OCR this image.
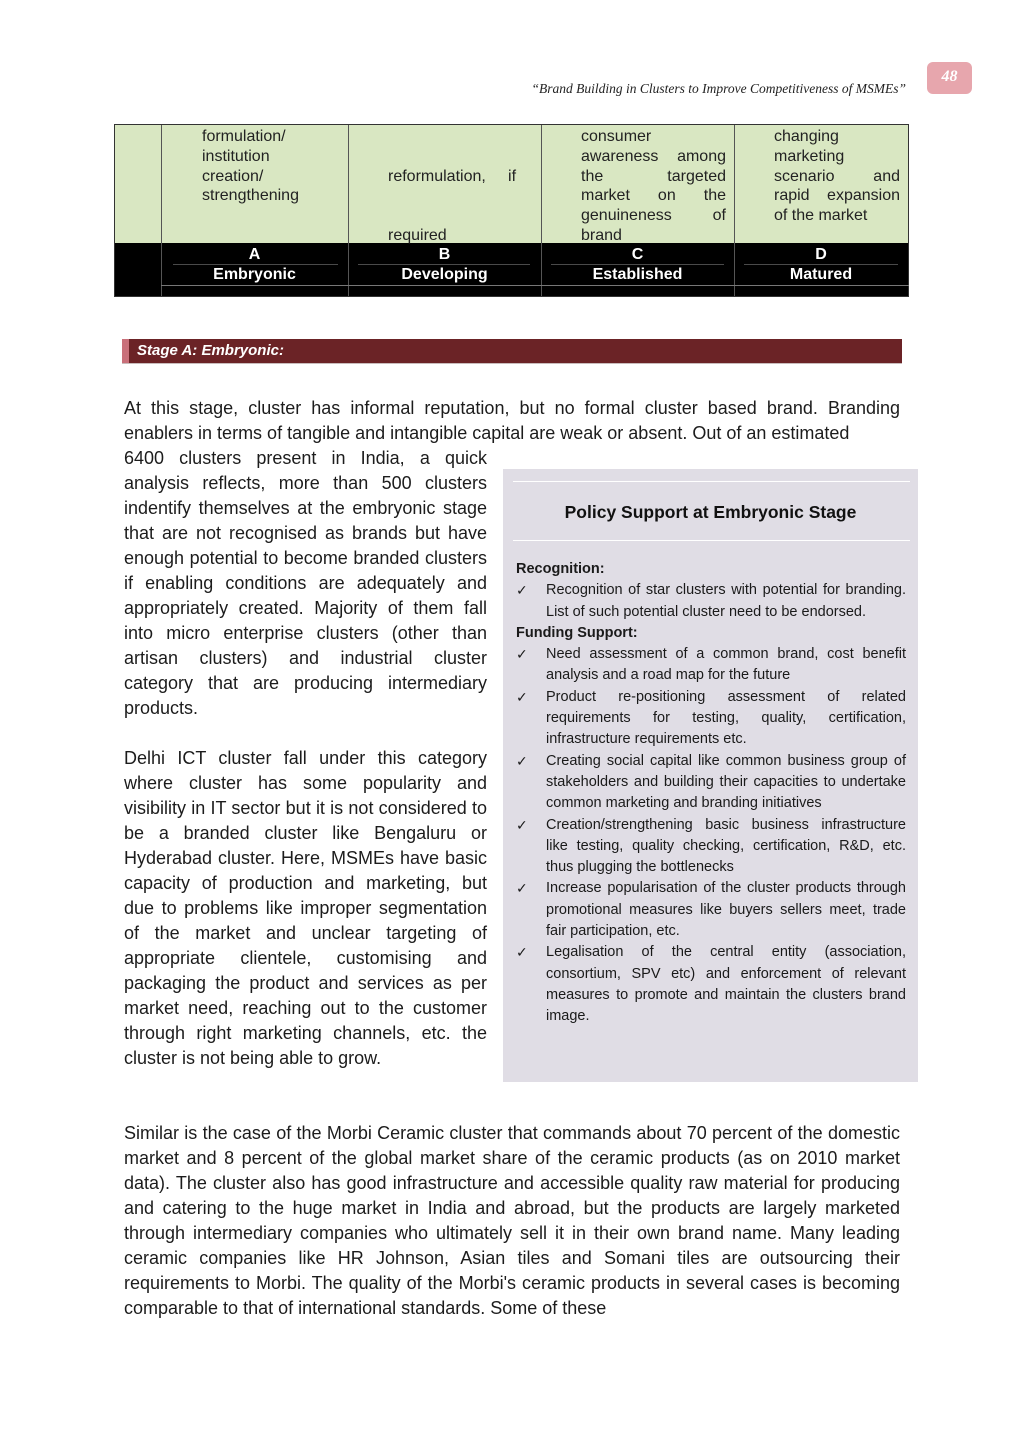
48
“Brand Building in Clusters to Improve Competitiveness of MSMEs”
formulation/
institution
creation/
strengthening

reformulation,     if

required

consumer
awareness among
the targeted
market on the
genuineness of
brand
changing
marketing
scenario and
rapid expansion
of the market
A
Embryonic
B
Developing
C
Established
D
Matured
Stage A: Embryonic:

At this stage, cluster has informal reputation, but no formal cluster based brand. Branding enablers in terms of tangible and intangible capital are weak or absent. Out of an estimated

6400 clusters present in India, a quick analysis reflects, more than 500 clusters indentify themselves at the embryonic stage that are not recognised as brands but have enough potential to become branded clusters if enabling conditions are adequately and appropriately created. Majority of them fall into micro enterprise clusters (other than artisan clusters) and industrial cluster category that are producing intermediary products.

Delhi ICT cluster fall under this category where cluster has some popularity and visibility in IT sector but it is not considered to be a branded cluster like Bengaluru or Hyderabad cluster. Here, MSMEs have basic capacity of production and marketing, but due to problems like improper segmentation of the market and unclear targeting of appropriate clientele, customising and packaging the product and services as per market need, reaching out to the customer through right marketing channels, etc. the cluster is not being able to grow.

Similar is the case of the Morbi Ceramic cluster that commands about 70 percent of the domestic market and 8 percent of the global market share of the ceramic products (as on 2010 market data). The cluster also has good infrastructure and accessible quality raw material for producing and catering to the huge market in India and abroad, but the products are largely marketed through intermediary companies who ultimately sell it in their own brand name. Many leading ceramic companies like HR Johnson, Asian tiles and Somani tiles are outsourcing their requirements to Morbi. The quality of the Morbi's ceramic products in several cases is becoming comparable to that of international standards. Some of these

Policy Support at Embryonic Stage
Recognition:
✓ Recognition of star clusters with potential for branding. List of such potential cluster need to be endorsed.
Funding Support:
✓ Need assessment of a common brand, cost benefit analysis and a road map for the future
✓ Product re-positioning assessment of related requirements for testing, quality, certification, infrastructure requirements etc.
✓ Creating social capital like common business group of stakeholders and building their capacities to undertake common marketing and branding initiatives
✓ Creation/strengthening basic business infrastructure like testing, quality checking, certification, R&D, etc. thus plugging the bottlenecks
✓ Increase popularisation of the cluster products through promotional measures like buyers sellers meet, trade fair participation, etc.
✓ Legalisation of the central entity (association, consortium, SPV etc) and enforcement of relevant measures to promote and maintain the clusters brand image.
